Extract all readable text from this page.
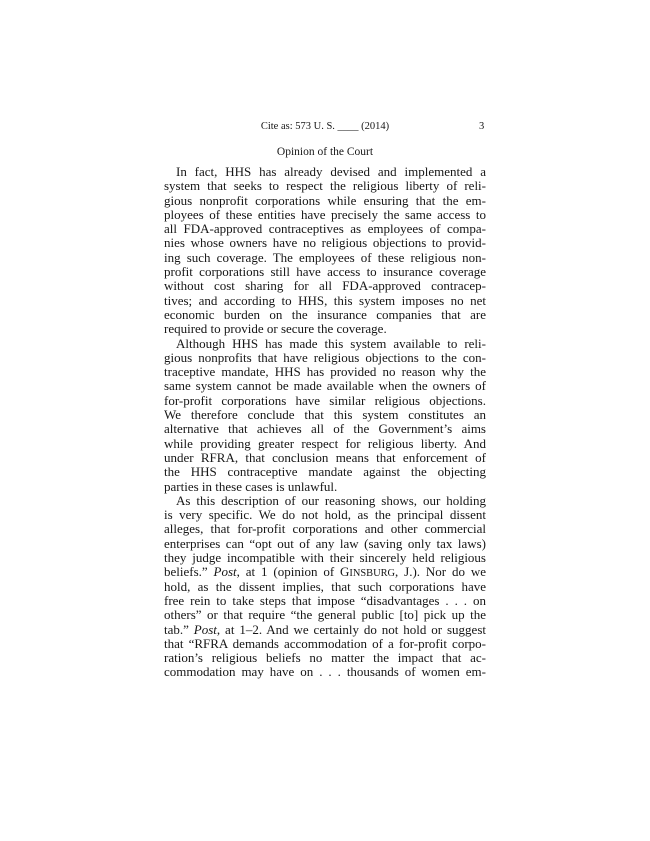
Cite as: 573 U. S. ____ (2014)	3
Opinion of the Court
In fact, HHS has already devised and implemented a
system that seeks to respect the religious liberty of reli-
gious nonprofit corporations while ensuring that the em-
ployees of these entities have precisely the same access to
all FDA-approved contraceptives as employees of compa-
nies whose owners have no religious objections to provid-
ing such coverage. The employees of these religious non-
profit corporations still have access to insurance coverage
without cost sharing for all FDA-approved contracep-
tives; and according to HHS, this system imposes no net
economic burden on the insurance companies that are
required to provide or secure the coverage.
Although HHS has made this system available to reli-
gious nonprofits that have religious objections to the con-
traceptive mandate, HHS has provided no reason why the
same system cannot be made available when the owners of
for-profit corporations have similar religious objections.
We therefore conclude that this system constitutes an
alternative that achieves all of the Government’s aims
while providing greater respect for religious liberty. And
under RFRA, that conclusion means that enforcement of
the HHS contraceptive mandate against the objecting
parties in these cases is unlawful.
As this description of our reasoning shows, our holding
is very specific. We do not hold, as the principal dissent
alleges, that for-profit corporations and other commercial
enterprises can “opt out of any law (saving only tax laws)
they judge incompatible with their sincerely held religious
beliefs.” Post, at 1 (opinion of GINSBURG, J.). Nor do we
hold, as the dissent implies, that such corporations have
free rein to take steps that impose “disadvantages . . . on
others” or that require “the general public [to] pick up the
tab.” Post, at 1–2. And we certainly do not hold or suggest
that “RFRA demands accommodation of a for-profit corpo-
ration’s religious beliefs no matter the impact that ac-
commodation may have on . . . thousands of women em-
